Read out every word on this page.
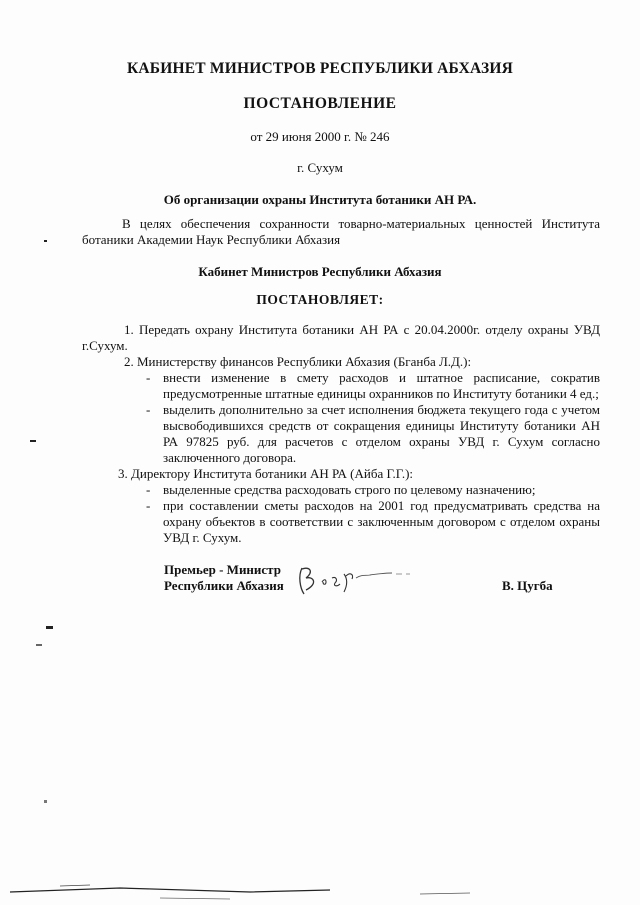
КАБИНЕТ МИНИСТРОВ РЕСПУБЛИКИ АБХАЗИЯ
ПОСТАНОВЛЕНИЕ
от 29 июня 2000 г. № 246
г. Сухум
Об организации охраны Института ботаники АН РА.
В целях обеспечения сохранности товарно-материальных ценностей Института
ботаники Академии Наук Республики Абхазия
Кабинет Министров Республики Абхазия
ПОСТАНОВЛЯЕТ:
1. Передать охрану Института ботаники АН РА с 20.04.2000г. отделу охраны УВД
г.Сухум.
2. Министерству финансов Республики Абхазия (Бганба Л.Д.):
- внести изменение в смету расходов и штатное расписание, сократив
предусмотренные штатные единицы охранников по Институту ботаники 4 ед.;
- выделить дополнительно за счет исполнения бюджета текущего года с учетом
высвободившихся средств от сокращения единицы Институту ботаники АН
РА 97825 руб. для расчетов с отделом охраны УВД г. Сухум согласно
заключенного договора.
3. Директору Института ботаники АН РА (Айба Г.Г.):
- выделенные средства расходовать строго по целевому назначению;
- при составлении сметы расходов на 2001 год предусматривать средства на
охрану объектов в соответствии с заключенным договором с отделом охраны
УВД г. Сухум.
Премьер - Министр
Республики Абхазия	В. Цугба
